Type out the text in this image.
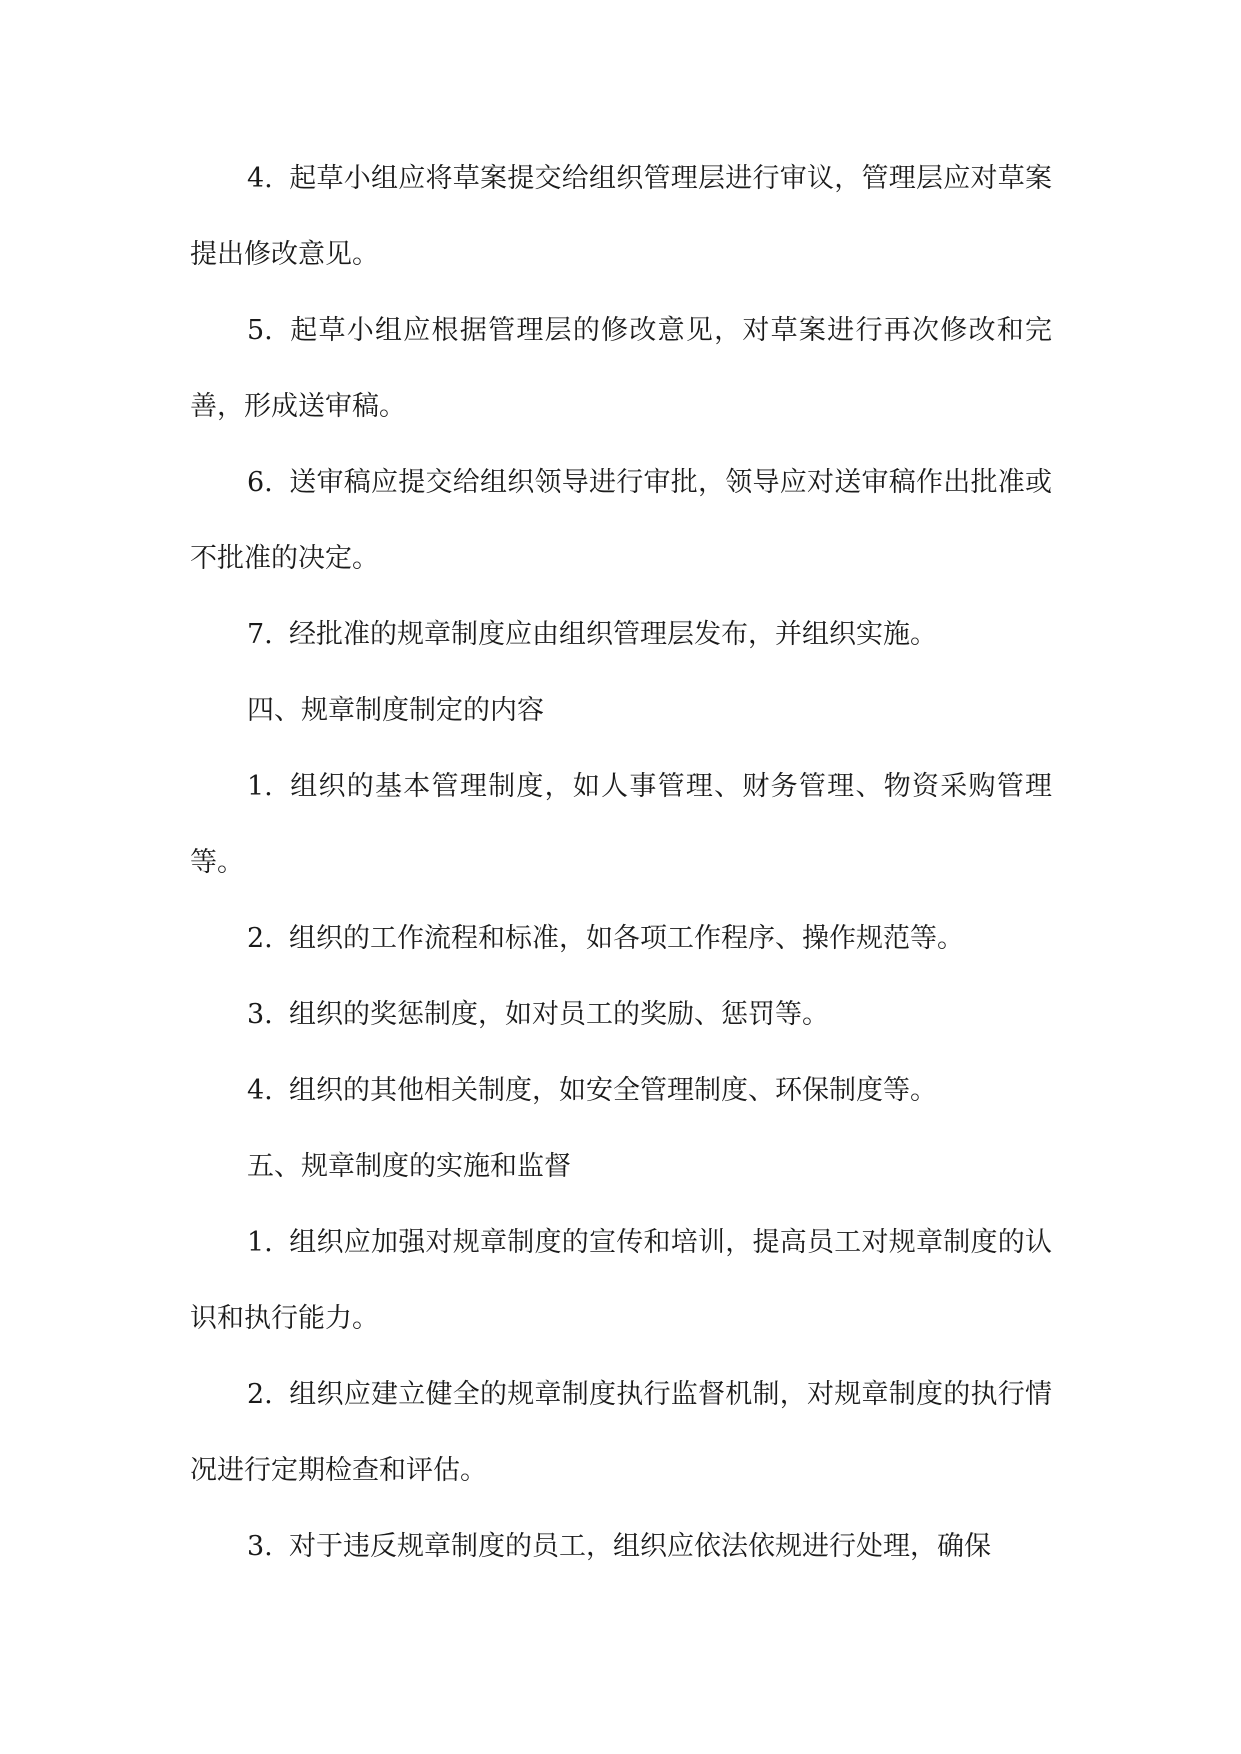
4. 起草小组应将草案提交给组织管理层进行审议，管理层应对草案提出修改意见。

5. 起草小组应根据管理层的修改意见，对草案进行再次修改和完善，形成送审稿。

6. 送审稿应提交给组织领导进行审批，领导应对送审稿作出批准或不批准的决定。

7. 经批准的规章制度应由组织管理层发布，并组织实施。

四、规章制度制定的内容

1. 组织的基本管理制度，如人事管理、财务管理、物资采购管理等。

2. 组织的工作流程和标准，如各项工作程序、操作规范等。

3. 组织的奖惩制度，如对员工的奖励、惩罚等。

4. 组织的其他相关制度，如安全管理制度、环保制度等。

五、规章制度的实施和监督

1. 组织应加强对规章制度的宣传和培训，提高员工对规章制度的认识和执行能力。

2. 组织应建立健全的规章制度执行监督机制，对规章制度的执行情况进行定期检查和评估。

3. 对于违反规章制度的员工，组织应依法依规进行处理，确保
